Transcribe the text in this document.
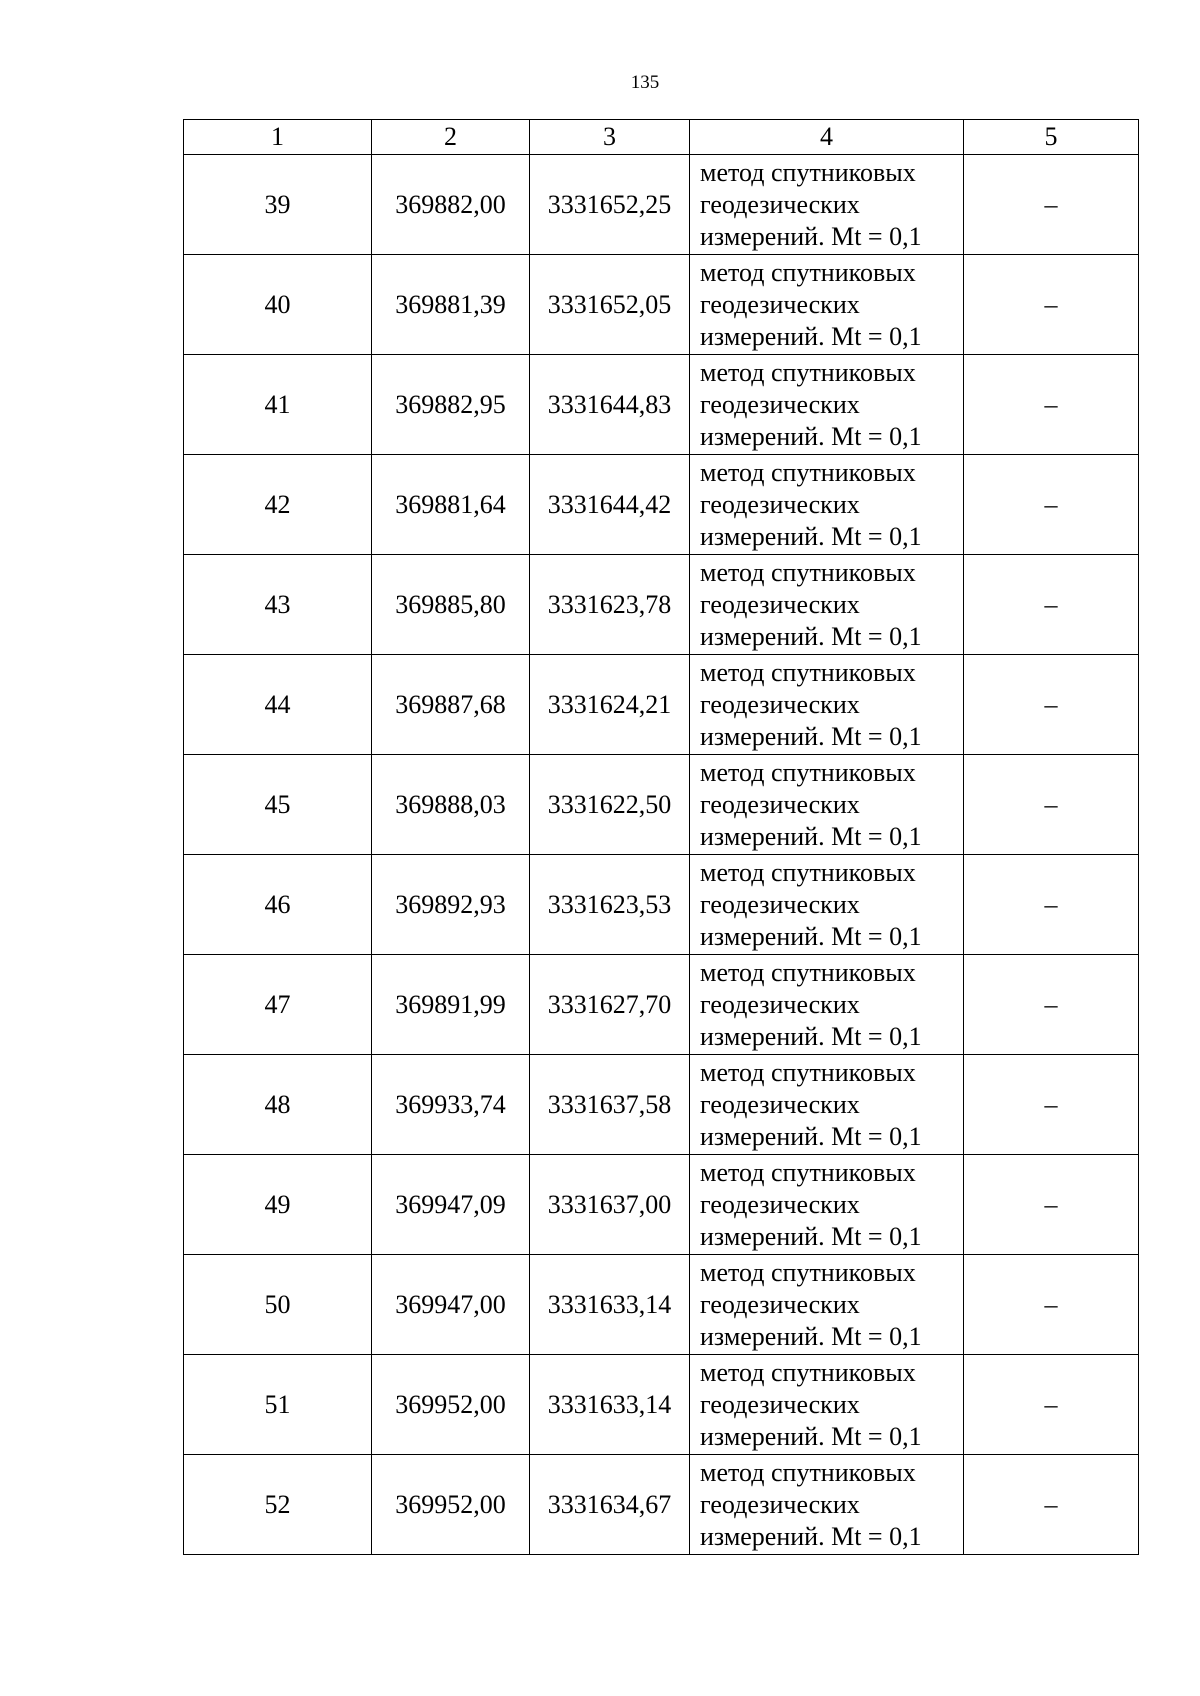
135
1	2	3	4	5
39	369882,00	3331652,25	метод спутниковых
геодезических
измерений. Mt = 0,1	–
40	369881,39	3331652,05	метод спутниковых
геодезических
измерений. Mt = 0,1	–
41	369882,95	3331644,83	метод спутниковых
геодезических
измерений. Mt = 0,1	–
42	369881,64	3331644,42	метод спутниковых
геодезических
измерений. Mt = 0,1	–
43	369885,80	3331623,78	метод спутниковых
геодезических
измерений. Mt = 0,1	–
44	369887,68	3331624,21	метод спутниковых
геодезических
измерений. Mt = 0,1	–
45	369888,03	3331622,50	метод спутниковых
геодезических
измерений. Mt = 0,1	–
46	369892,93	3331623,53	метод спутниковых
геодезических
измерений. Mt = 0,1	–
47	369891,99	3331627,70	метод спутниковых
геодезических
измерений. Mt = 0,1	–
48	369933,74	3331637,58	метод спутниковых
геодезических
измерений. Mt = 0,1	–
49	369947,09	3331637,00	метод спутниковых
геодезических
измерений. Mt = 0,1	–
50	369947,00	3331633,14	метод спутниковых
геодезических
измерений. Mt = 0,1	–
51	369952,00	3331633,14	метод спутниковых
геодезических
измерений. Mt = 0,1	–
52	369952,00	3331634,67	метод спутниковых
геодезических
измерений. Mt = 0,1	–
